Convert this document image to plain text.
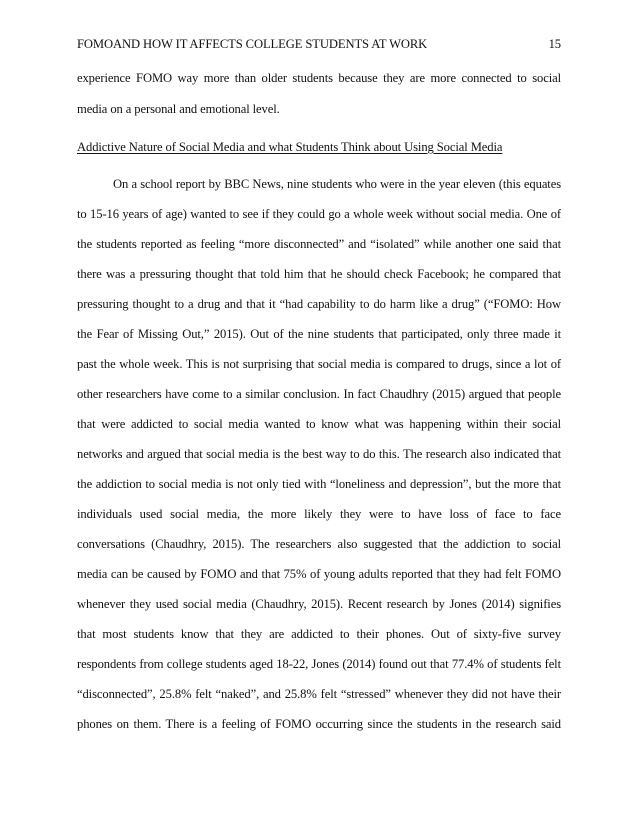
FOMOAND HOW IT AFFECTS COLLEGE STUDENTS AT WORK	15
experience FOMO way more than older students because they are more connected to social
media on a personal and emotional level.
Addictive Nature of Social Media and what Students Think about Using Social Media
On a school report by BBC News, nine students who were in the year eleven (this equates
to 15-16 years of age) wanted to see if they could go a whole week without social media. One of
the students reported as feeling “more disconnected” and “isolated” while another one said that
there was a pressuring thought that told him that he should check Facebook; he compared that
pressuring thought to a drug and that it “had capability to do harm like a drug” (“FOMO: How
the Fear of Missing Out,” 2015). Out of the nine students that participated, only three made it
past the whole week. This is not surprising that social media is compared to drugs, since a lot of
other researchers have come to a similar conclusion. In fact Chaudhry (2015) argued that people
that were addicted to social media wanted to know what was happening within their social
networks and argued that social media is the best way to do this. The research also indicated that
the addiction to social media is not only tied with “loneliness and depression”, but the more that
individuals used social media, the more likely they were to have loss of face to face
conversations (Chaudhry, 2015). The researchers also suggested that the addiction to social
media can be caused by FOMO and that 75% of young adults reported that they had felt FOMO
whenever they used social media (Chaudhry, 2015). Recent research by Jones (2014) signifies
that most students know that they are addicted to their phones. Out of sixty-five survey
respondents from college students aged 18-22, Jones (2014) found out that 77.4% of students felt
“disconnected”, 25.8% felt “naked”, and 25.8% felt “stressed” whenever they did not have their
phones on them. There is a feeling of FOMO occurring since the students in the research said
